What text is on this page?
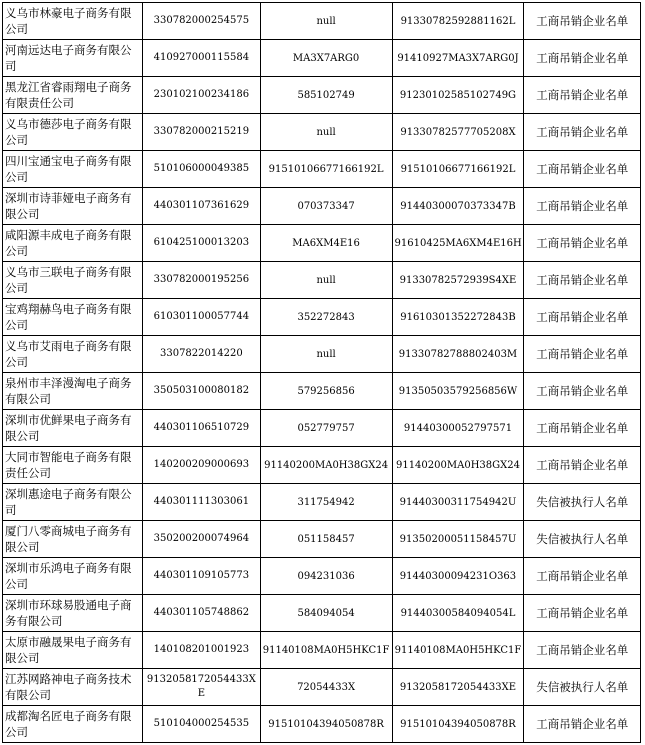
义乌市林豪电子商务有限公司	330782000254575	null	91330782592881162L	工商吊销企业名单
河南远达电子商务有限公司	410927000115584	MA3X7ARG0	91410927MA3X7ARG0J	工商吊销企业名单
黑龙江省睿雨翔电子商务有限责任公司	230102100234186	585102749	91230102585102749G	工商吊销企业名单
义乌市德莎电子商务有限公司	330782000215219	null	91330782577705208X	工商吊销企业名单
四川宝通宝电子商务有限公司	510106000049385	91510106677166192L	91510106677166192L	工商吊销企业名单
深圳市诗菲娅电子商务有限公司	440301107361629	070373347	91440300070373347B	工商吊销企业名单
咸阳源丰成电子商务有限公司	610425100013203	MA6XM4E16	91610425MA6XM4E16H	工商吊销企业名单
义乌市三联电子商务有限公司	330782000195256	null	91330782572939S4XE	工商吊销企业名单
宝鸡翔赫鸟电子商务有限公司	610301100057744	352272843	91610301352272843B	工商吊销企业名单
义乌市艾雨电子商务有限公司	3307822014220	null	91330782788802403M	工商吊销企业名单
泉州市丰泽漫淘电子商务有限公司	350503100080182	579256856	91350503579256856W	工商吊销企业名单
深圳市优鲜果电子商务有限公司	440301106510729	052779757	91440300052797571	工商吊销企业名单
大同市智能电子商务有限责任公司	140200209000693	91140200MA0H38GX24	91140200MA0H38GX24	工商吊销企业名单
深圳惠途电子商务有限公司	440301111303061	311754942	91440300311754942U	失信被执行人名单
厦门八零商城电子商务有限公司	350200200074964	051158457	91350200051158457U	失信被执行人名单
深圳市乐鸿电子商务有限公司	440301109105773	094231036	91440300094231O363	工商吊销企业名单
深圳市环球易股通电子商务有限公司	440301105748862	584094054	91440300584094054L	工商吊销企业名单
太原市融晟果电子商务有限公司	140108201001923	91140108MA0H5HKC1F	91140108MA0H5HKC1F	工商吊销企业名单
江苏网路神电子商务技术有限公司	9132058172054433XE	72054433X	9132058172054433XE	失信被执行人名单
成都淘名匠电子商务有限公司	510104000254535	91510104394050878R	91510104394050878R	工商吊销企业名单
